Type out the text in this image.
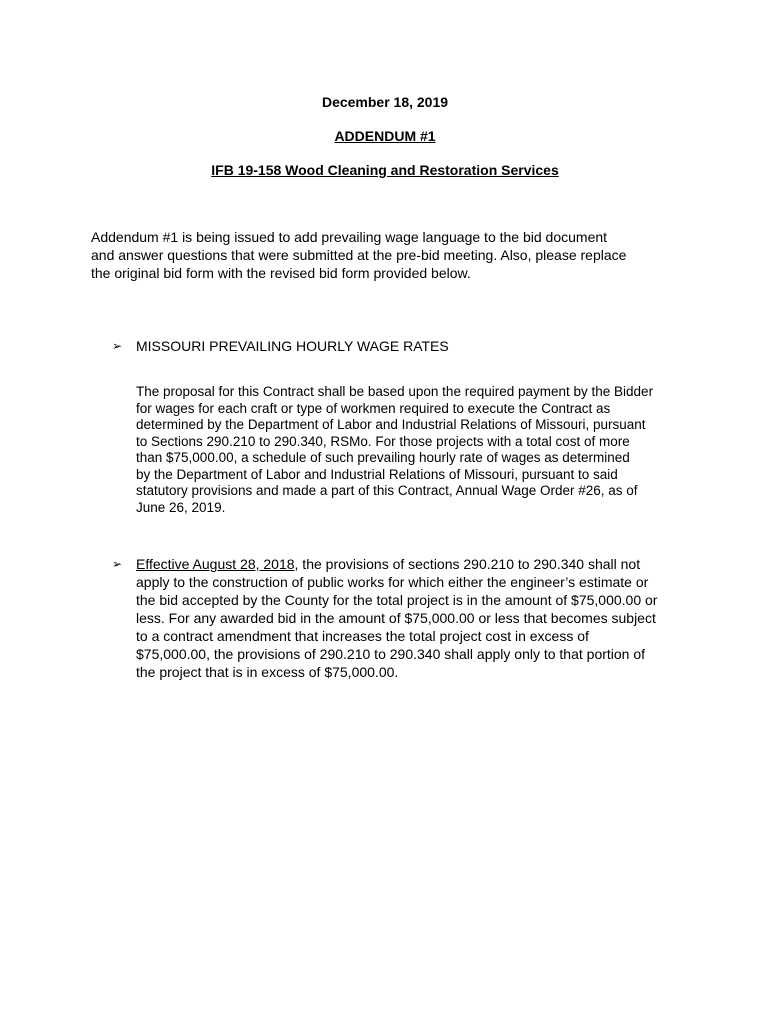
December 18, 2019
ADDENDUM #1
IFB 19-158 Wood Cleaning and Restoration Services
Addendum #1 is being issued to add prevailing wage language to the bid document
and answer questions that were submitted at the pre-bid meeting. Also, please replace
the original bid form with the revised bid form provided below.
➢ MISSOURI PREVAILING HOURLY WAGE RATES
The proposal for this Contract shall be based upon the required payment by the Bidder
for wages for each craft or type of workmen required to execute the Contract as
determined by the Department of Labor and Industrial Relations of Missouri, pursuant
to Sections 290.210 to 290.340, RSMo. For those projects with a total cost of more
than $75,000.00, a schedule of such prevailing hourly rate of wages as determined
by the Department of Labor and Industrial Relations of Missouri, pursuant to said
statutory provisions and made a part of this Contract, Annual Wage Order #26, as of
June 26, 2019.
➢ Effective August 28, 2018, the provisions of sections 290.210 to 290.340 shall not
apply to the construction of public works for which either the engineer’s estimate or
the bid accepted by the County for the total project is in the amount of $75,000.00 or
less. For any awarded bid in the amount of $75,000.00 or less that becomes subject
to a contract amendment that increases the total project cost in excess of
$75,000.00, the provisions of 290.210 to 290.340 shall apply only to that portion of
the project that is in excess of $75,000.00.
